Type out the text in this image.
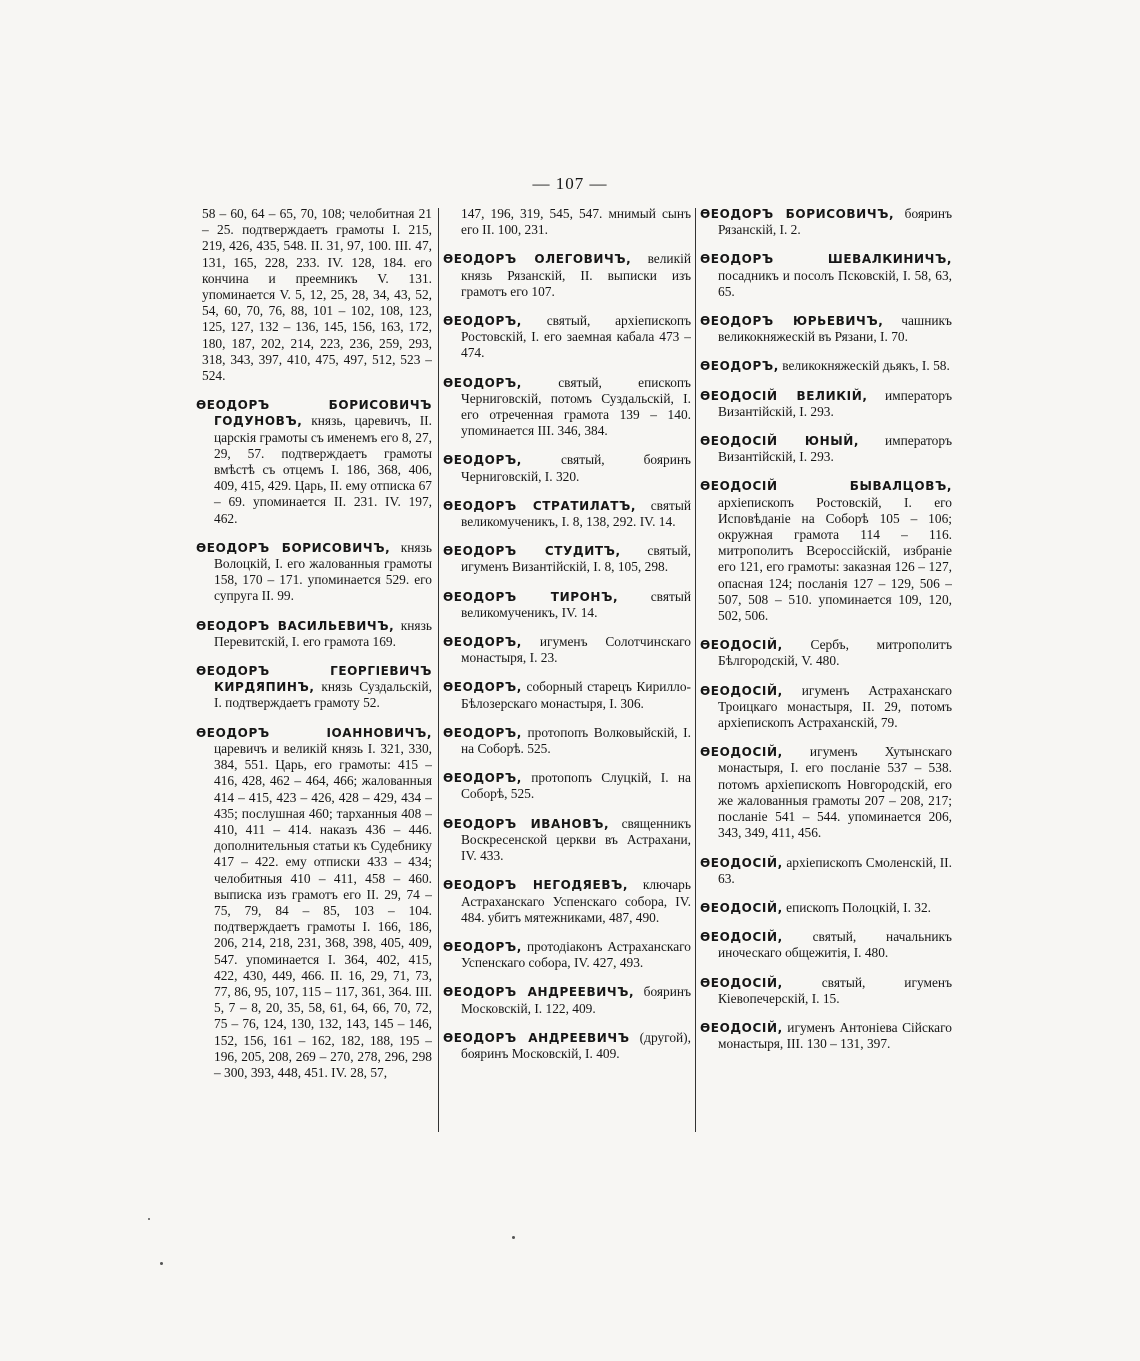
— 107 —

58 – 60, 64 – 65, 70, 108; челобитная 21 – 25. подтверждаетъ грамоты I. 215, 219, 426, 435, 548. II. 31, 97, 100. III. 47, 131, 165, 228, 233. IV. 128, 184. его кончина и преемникъ V. 131. упоминается V. 5, 12, 25, 28, 34, 43, 52, 54, 60, 70, 76, 88, 101 – 102, 108, 123, 125, 127, 132 – 136, 145, 156, 163, 172, 180, 187, 202, 214, 223, 236, 259, 293, 318, 343, 397, 410, 475, 497, 512, 523 – 524.

ѲЕОДОРЪ БОРИСОВИЧЪ ГОДУНОВЪ, князь, царевичъ, II. царскія грамоты съ именемъ его 8, 27, 29, 57. подтверждаетъ грамоты вмѣстѣ съ отцемъ I. 186, 368, 406, 409, 415, 429. Царь, II. ему отписка 67 – 69. упоминается II. 231. IV. 197, 462.

ѲЕОДОРЪ БОРИСОВИЧЪ, князь Волоцкій, I. его жалованныя грамоты 158, 170 – 171. упоминается 529. его супруга II. 99.

ѲЕОДОРЪ ВАСИЛЬЕВИЧЪ, князь Перевитскій, I. его грамота 169.

ѲЕОДОРЪ ГЕОРГІЕВИЧЪ КИРДЯПИНЪ, князь Суздальскій, I. подтверждаетъ грамоту 52.

ѲЕОДОРЪ ІОАННОВИЧЪ, царевичъ и великій князь I. 321, 330, 384, 551. Царь, его грамоты: 415 – 416, 428, 462 – 464, 466; жалованныя 414 – 415, 423 – 426, 428 – 429, 434 – 435; послушная 460; тарханныя 408 – 410, 411 – 414. наказъ 436 – 446. дополнительныя статьи къ Судебнику 417 – 422. ему отписки 433 – 434; челобитныя 410 – 411, 458 – 460. выписка изъ грамотъ его II. 29, 74 – 75, 79, 84 – 85, 103 – 104. подтверждаетъ грамоты I. 166, 186, 206, 214, 218, 231, 368, 398, 405, 409, 547. упоминается I. 364, 402, 415, 422, 430, 449, 466. II. 16, 29, 71, 73, 77, 86, 95, 107, 115 – 117, 361, 364. III. 5, 7 – 8, 20, 35, 58, 61, 64, 66, 70, 72, 75 – 76, 124, 130, 132, 143, 145 – 146, 152, 156, 161 – 162, 182, 188, 195 – 196, 205, 208, 269 – 270, 278, 296, 298 – 300, 393, 448, 451. IV. 28, 57,

147, 196, 319, 545, 547. мнимый сынъ его II. 100, 231.

ѲЕОДОРЪ ОЛЕГОВИЧЪ, великій князь Рязанскій, II. выписки изъ грамотъ его 107.

ѲЕОДОРЪ, святый, архіепископъ Ростовскій, I. его заемная кабала 473 – 474.

ѲЕОДОРЪ,	святый, епископъ Черниговскій, потомъ Суздальскій, I. его отреченная грамота 139 – 140. упоминается III. 346, 384.

ѲЕОДОРЪ,	святый, бояринъ Черниговскій, I. 320.

ѲЕОДОРЪ СТРАТИЛАТЪ, святый великомученикъ, I. 8, 138, 292. IV. 14.

ѲЕОДОРЪ СТУДИТЪ, святый, игуменъ Византійскій, I. 8, 105, 298.

ѲЕОДОРЪ ТИРОНЪ, святый великомученикъ, IV. 14.

ѲЕОДОРЪ, игуменъ Солотчинскаго монастыря, I. 23.

ѲЕОДОРЪ, соборный старецъ Кирилло-Бѣлозерскаго монастыря, I. 306.

ѲЕОДОРЪ, протопопъ Волковыйскій, I. на Соборѣ. 525.

ѲЕОДОРЪ, протопопъ Слуцкій, I. на Соборѣ, 525.

ѲЕОДОРЪ ИВАНОВЪ, священникъ Воскресенской церкви въ Астрахани, IV. 433.

ѲЕОДОРЪ НЕГОДЯЕВЪ, ключарь Астраханскаго Успенскаго собора, IV. 484. убитъ мятежниками, 487, 490.

ѲЕОДОРЪ, протодіаконъ Астраханскаго Успенскаго собора, IV. 427, 493.

ѲЕОДОРЪ АНДРЕЕВИЧЪ, бояринъ Московскій, I. 122, 409.

ѲЕОДОРЪ АНДРЕЕВИЧЪ (другой), бояринъ Московскій, I. 409.

ѲЕОДОРЪ БОРИСОВИЧЪ, бояринъ Рязанскій, I. 2.

ѲЕОДОРЪ ШЕВАЛКИНИЧЪ, посадникъ и посолъ Псковскій, I. 58, 63, 65.

ѲЕОДОРЪ ЮРЬЕВИЧЪ, чашникъ великокняжескій въ Рязани, I. 70.

ѲЕОДОРЪ, великокняжескій дьякъ, I. 58.

ѲЕОДОСІЙ ВЕЛИКІЙ, императоръ Византійскій, I. 293.

ѲЕОДОСІЙ ЮНЫЙ, императоръ Византійскій, I. 293.

ѲЕОДОСІЙ БЫВАЛЦОВЪ, архіепископъ Ростовскій, I. его Исповѣданіе на Соборѣ 105 – 106; окружная грамота 114 – 116. митрополитъ Всероссійскій, избраніе его 121, его грамоты: заказная 126 – 127, опасная 124; посланія 127 – 129, 506 – 507, 508 – 510. упоминается 109, 120, 502, 506.

ѲЕОДОСІЙ, Сербъ, митрополитъ Бѣлгородскій, V. 480.

ѲЕОДОСІЙ, игуменъ Астраханскаго Троицкаго монастыря, II. 29, потомъ архіепископъ Астраханскій, 79.

ѲЕОДОСІЙ, игуменъ Хутынскаго монастыря, I. его посланіе 537 – 538. потомъ архіепископъ Новгородскій, его же жалованныя грамоты 207 – 208, 217; посланіе 541 – 544. упоминается 206, 343, 349, 411, 456.

ѲЕОДОСІЙ, архіепископъ Смоленскій, II. 63.

ѲЕОДОСІЙ, епископъ Полоцкій, I. 32.

ѲЕОДОСІЙ, святый, начальникъ иноческаго общежитія, I. 480.

ѲЕОДОСІЙ,	святый, игуменъ Кіевопечерскій, I. 15.

ѲЕОДОСІЙ, игуменъ Антоніева Сійскаго монастыря, III. 130 – 131, 397.
